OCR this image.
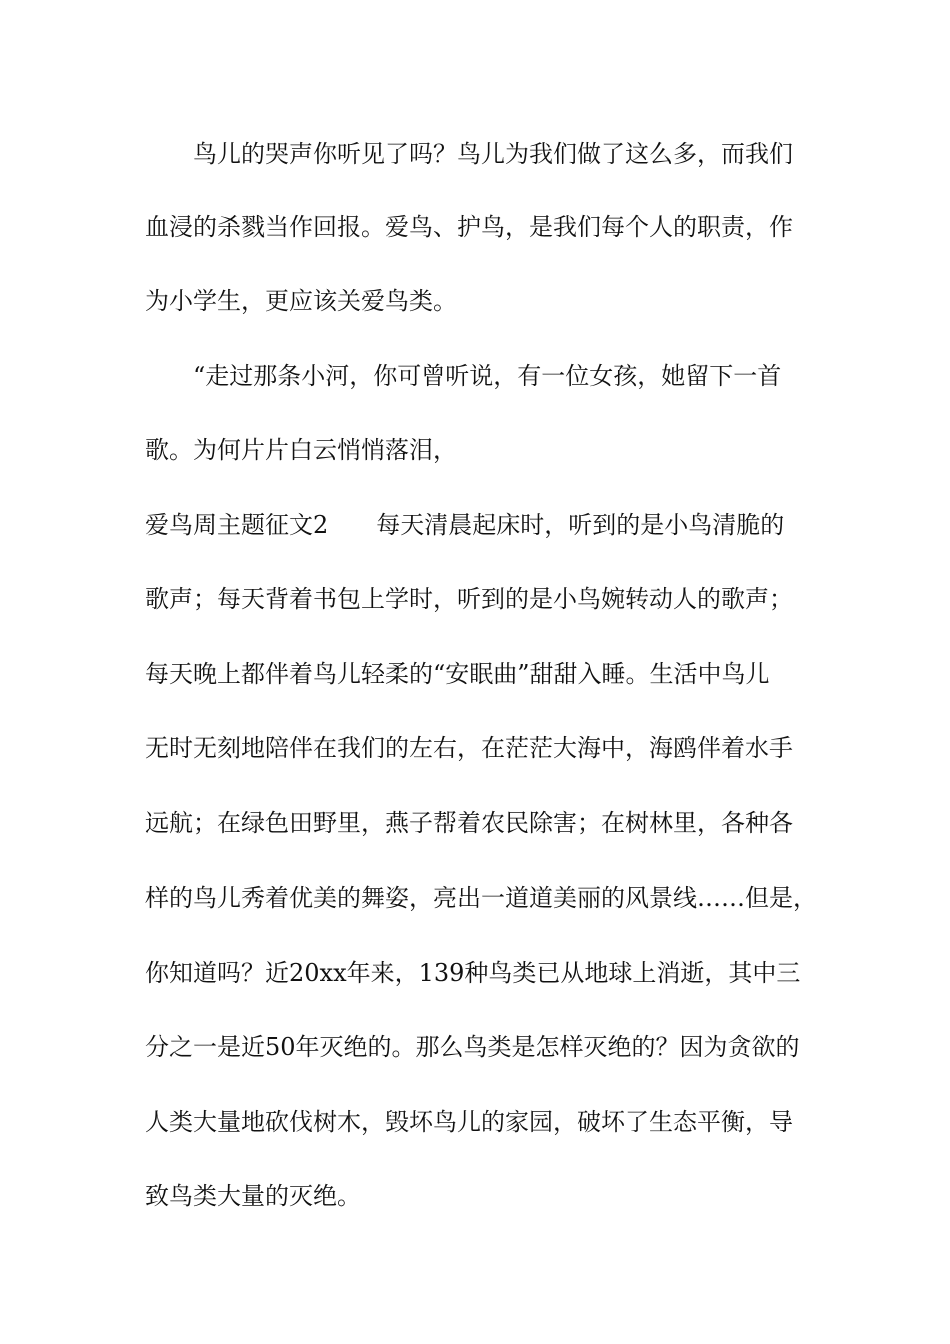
鸟儿的哭声你听见了吗？鸟儿为我们做了这么多，而我们

血浸的杀戮当作回报。爱鸟、护鸟，是我们每个人的职责，作

为小学生，更应该关爱鸟类。

“走过那条小河，你可曾听说，有一位女孩，她留下一首

歌。为何片片白云悄悄落泪，

爱鸟周主题征文2　　每天清晨起床时，听到的是小鸟清脆的

歌声；每天背着书包上学时，听到的是小鸟婉转动人的歌声；

每天晚上都伴着鸟儿轻柔的“安眠曲”甜甜入睡。生活中鸟儿

无时无刻地陪伴在我们的左右，在茫茫大海中，海鸥伴着水手

远航；在绿色田野里，燕子帮着农民除害；在树林里，各种各

样的鸟儿秀着优美的舞姿，亮出一道道美丽的风景线……但是，

你知道吗？近20xx年来，139种鸟类已从地球上消逝，其中三

分之一是近50年灭绝的。那么鸟类是怎样灭绝的？因为贪欲的

人类大量地砍伐树木，毁坏鸟儿的家园，破坏了生态平衡，导

致鸟类大量的灭绝。
